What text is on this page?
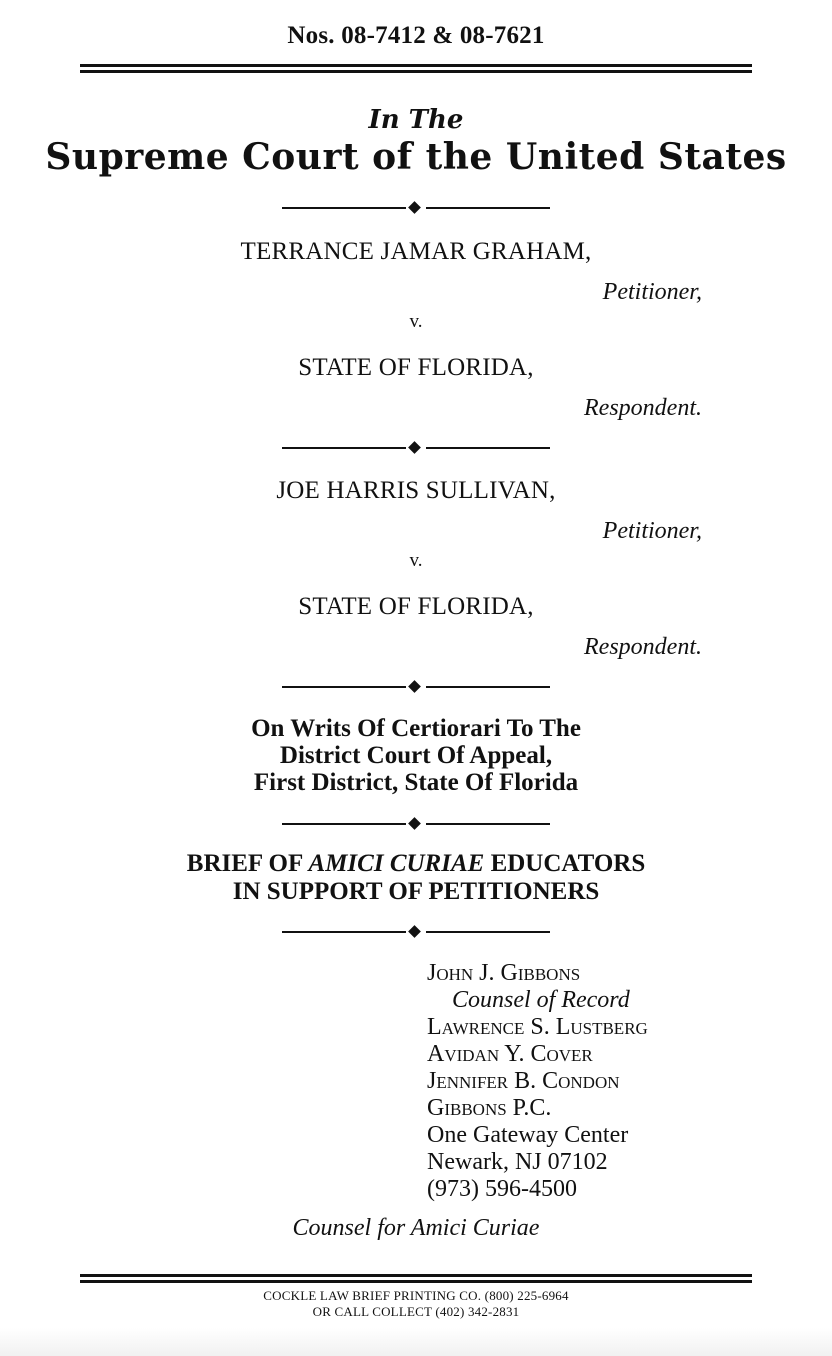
Nos. 08-7412 & 08-7621
In The
Supreme Court of the United States
TERRANCE JAMAR GRAHAM,
Petitioner,
v.
STATE OF FLORIDA,
Respondent.
JOE HARRIS SULLIVAN,
Petitioner,
v.
STATE OF FLORIDA,
Respondent.
On Writs Of Certiorari To The
District Court Of Appeal,
First District, State Of Florida
BRIEF OF AMICI CURIAE EDUCATORS
IN SUPPORT OF PETITIONERS
John J. Gibbons
Counsel of Record
Lawrence S. Lustberg
Avidan Y. Cover
Jennifer B. Condon
Gibbons P.C.
One Gateway Center
Newark, NJ 07102
(973) 596-4500
Counsel for Amici Curiae
COCKLE LAW BRIEF PRINTING CO. (800) 225-6964
OR CALL COLLECT (402) 342-2831
